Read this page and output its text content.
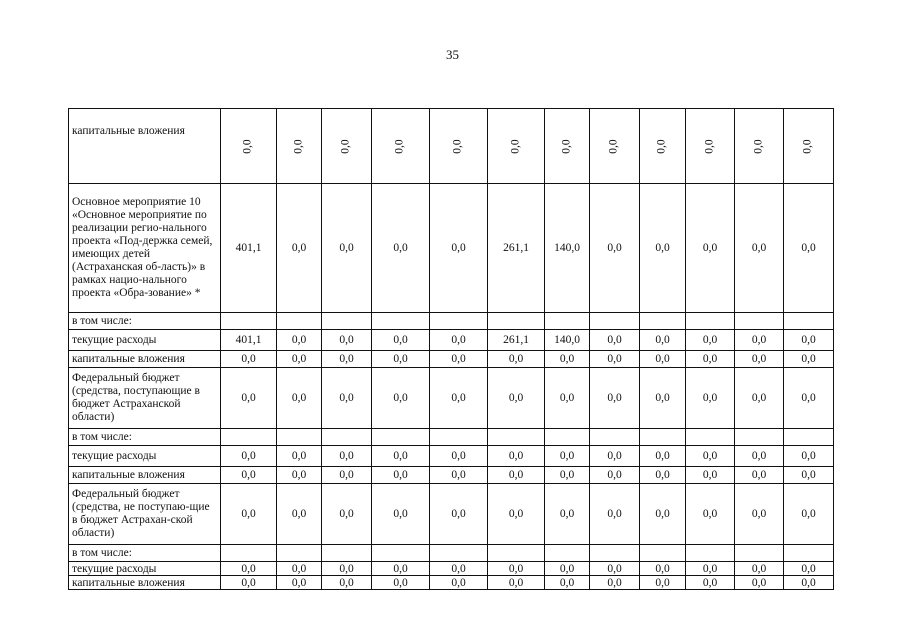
35
капитальные вложения	0,0	0,0	0,0	0,0	0,0	0,0	0,0	0,0	0,0	0,0	0,0	0,0
Основное мероприятие 10 «Основное мероприятие по реализации регио-нального проекта «Под-держка семей, имеющих детей (Астраханская об-ласть)» в рамках нацио-нального проекта «Обра-зование» *	401,1	0,0	0,0	0,0	0,0	261,1	140,0	0,0	0,0	0,0	0,0	0,0
в том числе:												
текущие расходы	401,1	0,0	0,0	0,0	0,0	261,1	140,0	0,0	0,0	0,0	0,0	0,0
капитальные вложения	0,0	0,0	0,0	0,0	0,0	0,0	0,0	0,0	0,0	0,0	0,0	0,0
Федеральный бюджет (средства, поступающие в бюджет Астраханской области)	0,0	0,0	0,0	0,0	0,0	0,0	0,0	0,0	0,0	0,0	0,0	0,0
в том числе:												
текущие расходы	0,0	0,0	0,0	0,0	0,0	0,0	0,0	0,0	0,0	0,0	0,0	0,0
капитальные вложения	0,0	0,0	0,0	0,0	0,0	0,0	0,0	0,0	0,0	0,0	0,0	0,0
Федеральный бюджет (средства, не поступаю-щие в бюджет Астрахан-ской области)	0,0	0,0	0,0	0,0	0,0	0,0	0,0	0,0	0,0	0,0	0,0	0,0
в том числе:												
текущие расходы	0,0	0,0	0,0	0,0	0,0	0,0	0,0	0,0	0,0	0,0	0,0	0,0
капитальные вложения	0,0	0,0	0,0	0,0	0,0	0,0	0,0	0,0	0,0	0,0	0,0	0,0
